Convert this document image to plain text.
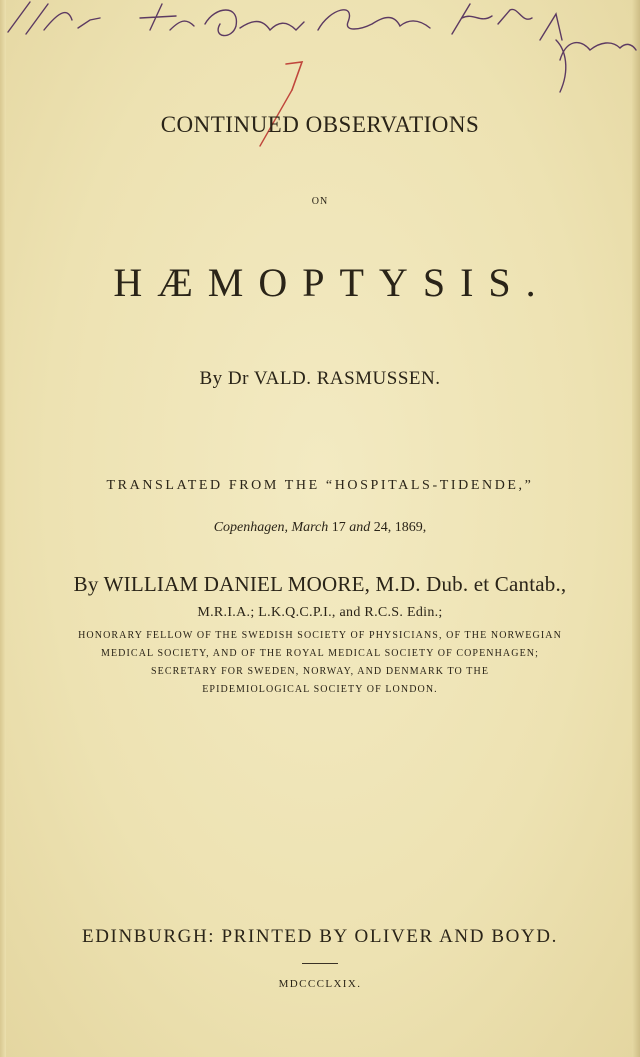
CONTINUED OBSERVATIONS
ON
HÆMOPTYSIS.
By Dr VALD. RASMUSSEN.
TRANSLATED FROM THE “HOSPITALS-TIDENDE,”
Copenhagen, March 17 and 24, 1869,
By WILLIAM DANIEL MOORE, M.D. Dub. et Cantab.,
M.R.I.A.; L.K.Q.C.P.I., and R.C.S. Edin.;
HONORARY FELLOW OF THE SWEDISH SOCIETY OF PHYSICIANS, OF THE NORWEGIAN
MEDICAL SOCIETY, AND OF THE ROYAL MEDICAL SOCIETY OF COPENHAGEN;
SECRETARY FOR SWEDEN, NORWAY, AND DENMARK TO THE
EPIDEMIOLOGICAL SOCIETY OF LONDON.
EDINBURGH: PRINTED BY OLIVER AND BOYD.
MDCCCLXIX.
